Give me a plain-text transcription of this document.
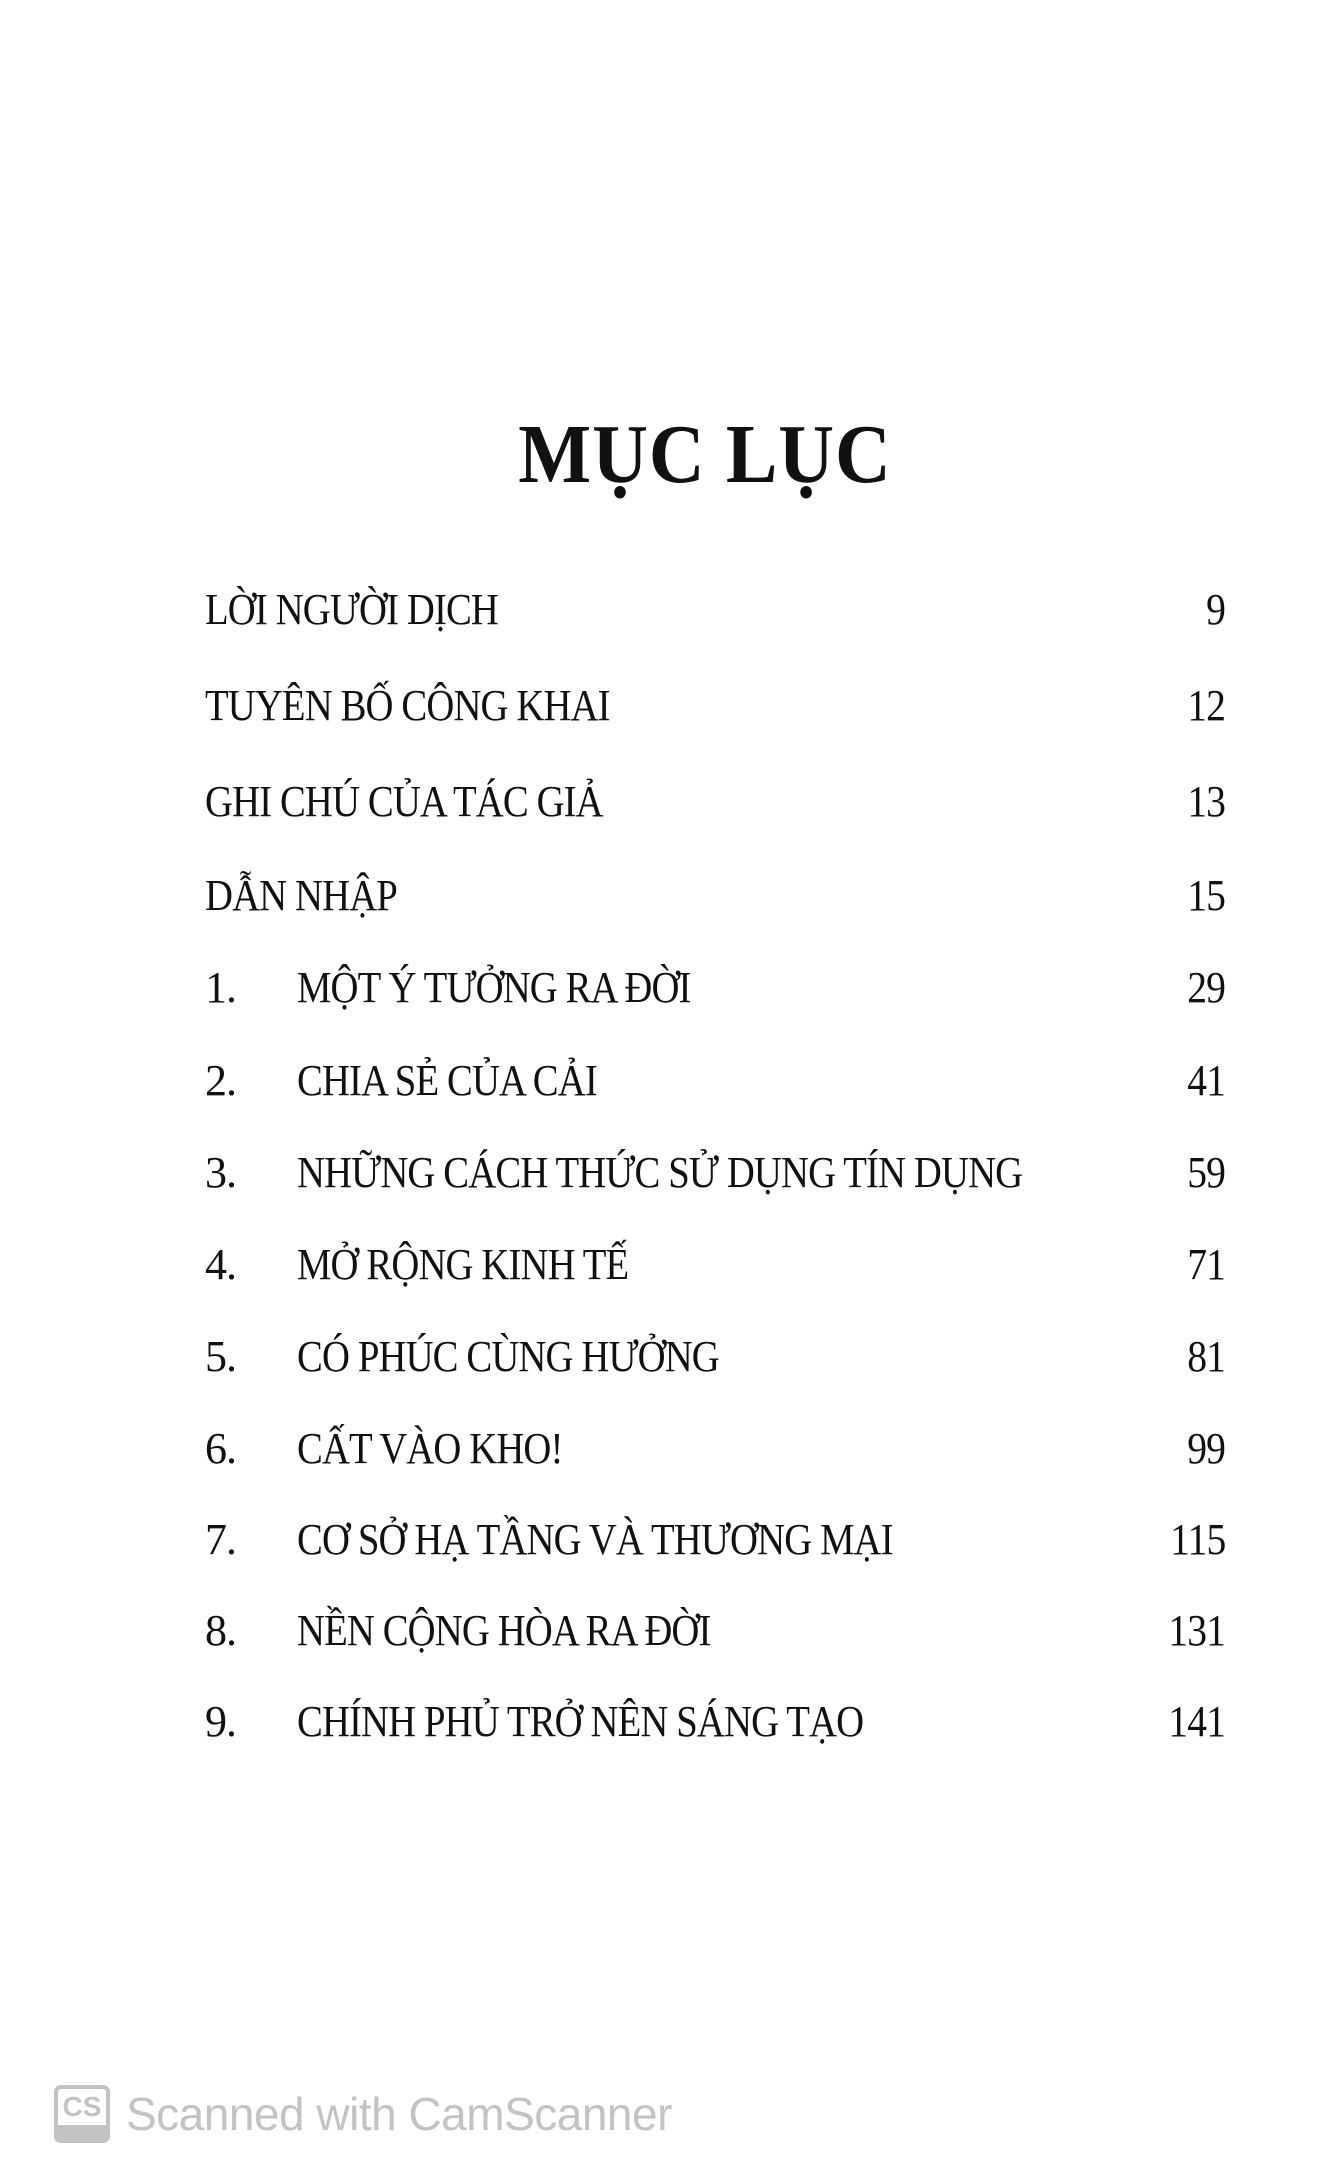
MỤC LỤC
LỜI NGƯỜI DỊCH	9
TUYÊN BỐ CÔNG KHAI	12
GHI CHÚ CỦA TÁC GIẢ	13
DẪN NHẬP	15
1.	MỘT Ý TƯỞNG RA ĐỜI	29
2.	CHIA SẺ CỦA CẢI	41
3.	NHỮNG CÁCH THỨC SỬ DỤNG TÍN DỤNG	59
4.	MỞ RỘNG KINH TẾ	71
5.	CÓ PHÚC CÙNG HƯỞNG	81
6.	CẤT VÀO KHO!	99
7.	CƠ SỞ HẠ TẦNG VÀ THƯƠNG MẠI	115
8.	NỀN CỘNG HÒA RA ĐỜI	131
9.	CHÍNH PHỦ TRỞ NÊN SÁNG TẠO	141
CS Scanned with CamScanner
